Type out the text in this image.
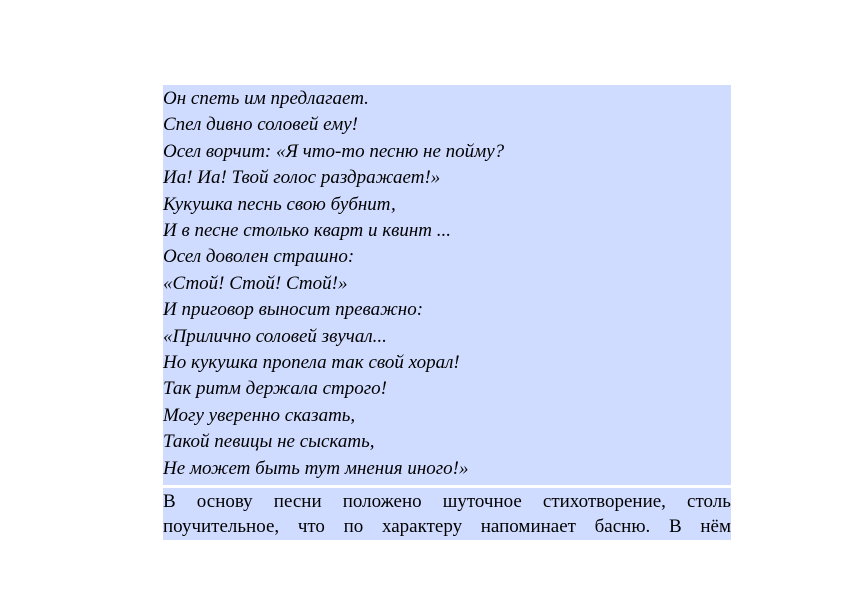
Он спеть им предлагает.
Спел дивно соловей ему!
Осел ворчит: «Я что-то песню не пойму?
Иа! Иа! Твой голос раздражает!»
Кукушка песнь свою бубнит,
И в песне столько кварт и квинт ...
Осел доволен страшно:
«Стой! Стой! Стой!»
И приговор выносит преважно:
«Прилично соловей звучал...
Но кукушка пропела так свой хорал!
Так ритм держала строго!
Могу уверенно сказать,
Такой певицы не сыскать,
Не может быть тут мнения иного!»
В основу песни положено шуточное стихотворение, столь
поучительное, что по характеру напоминает басню. В нём
